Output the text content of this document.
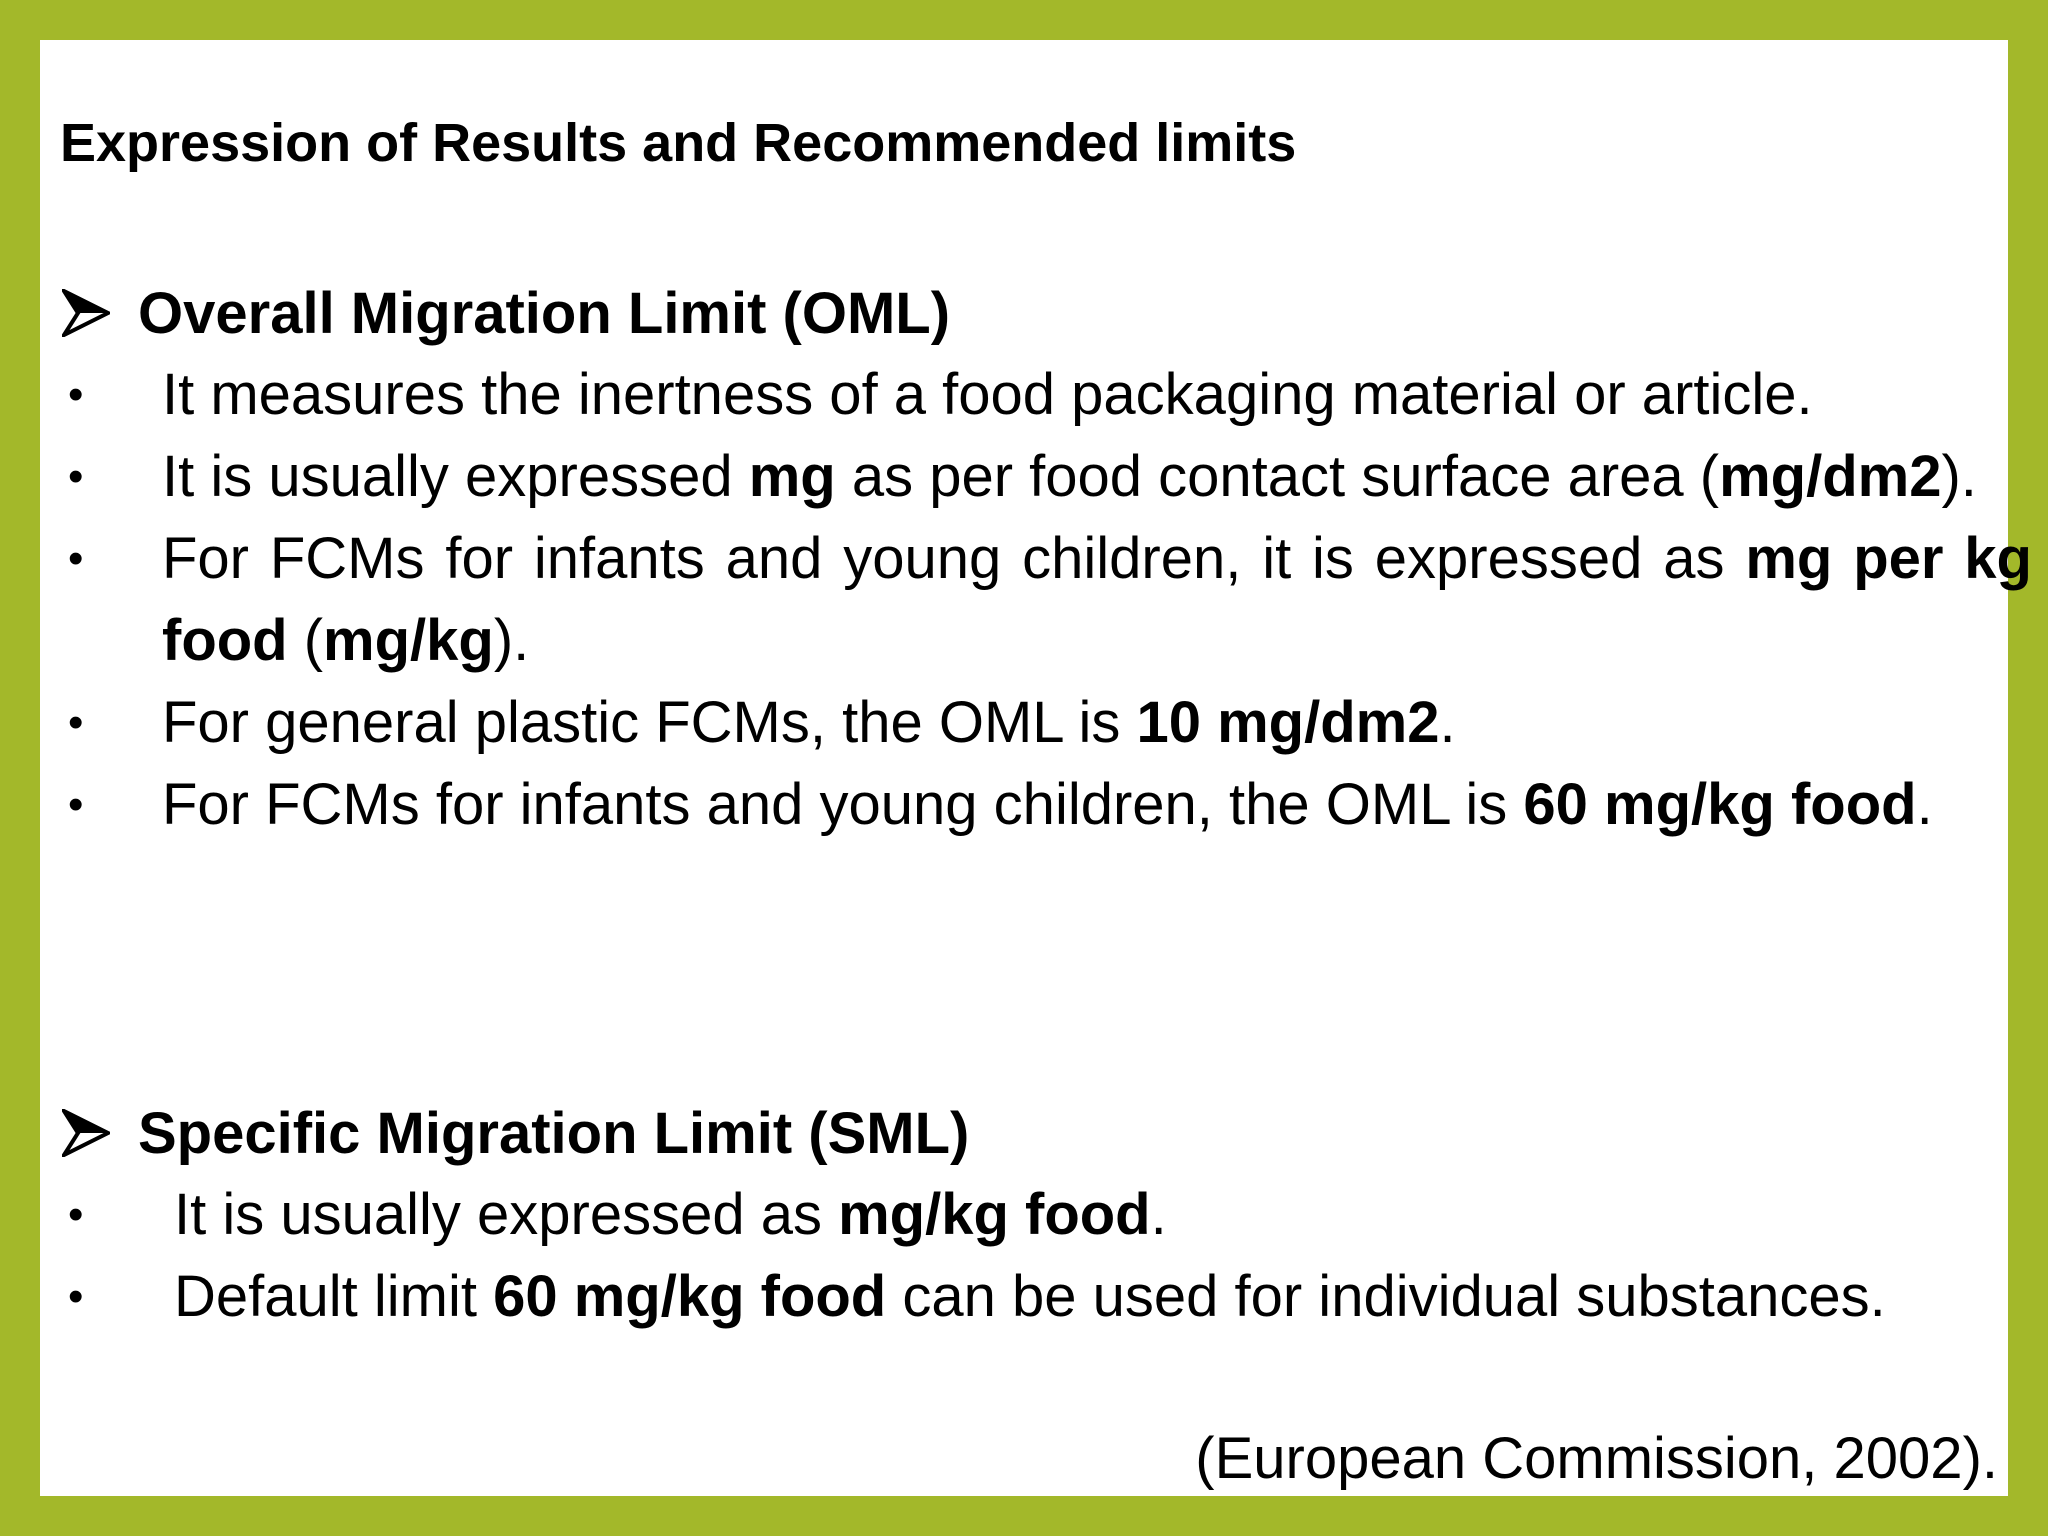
Expression of Results and Recommended limits
Overall Migration Limit (OML)
• It measures the inertness of a food packaging material or article.
• It is usually expressed mg as per food contact surface area (mg/dm2).
• For FCMs for infants and young children, it is expressed as mg per kg food (mg/kg).
• For general plastic FCMs, the OML is 10 mg/dm2.
• For FCMs for infants and young children, the OML is 60 mg/kg food.
Specific Migration Limit (SML)
• It is usually expressed as mg/kg food.
• Default limit 60 mg/kg food can be used for individual substances.
(European Commission, 2002).
